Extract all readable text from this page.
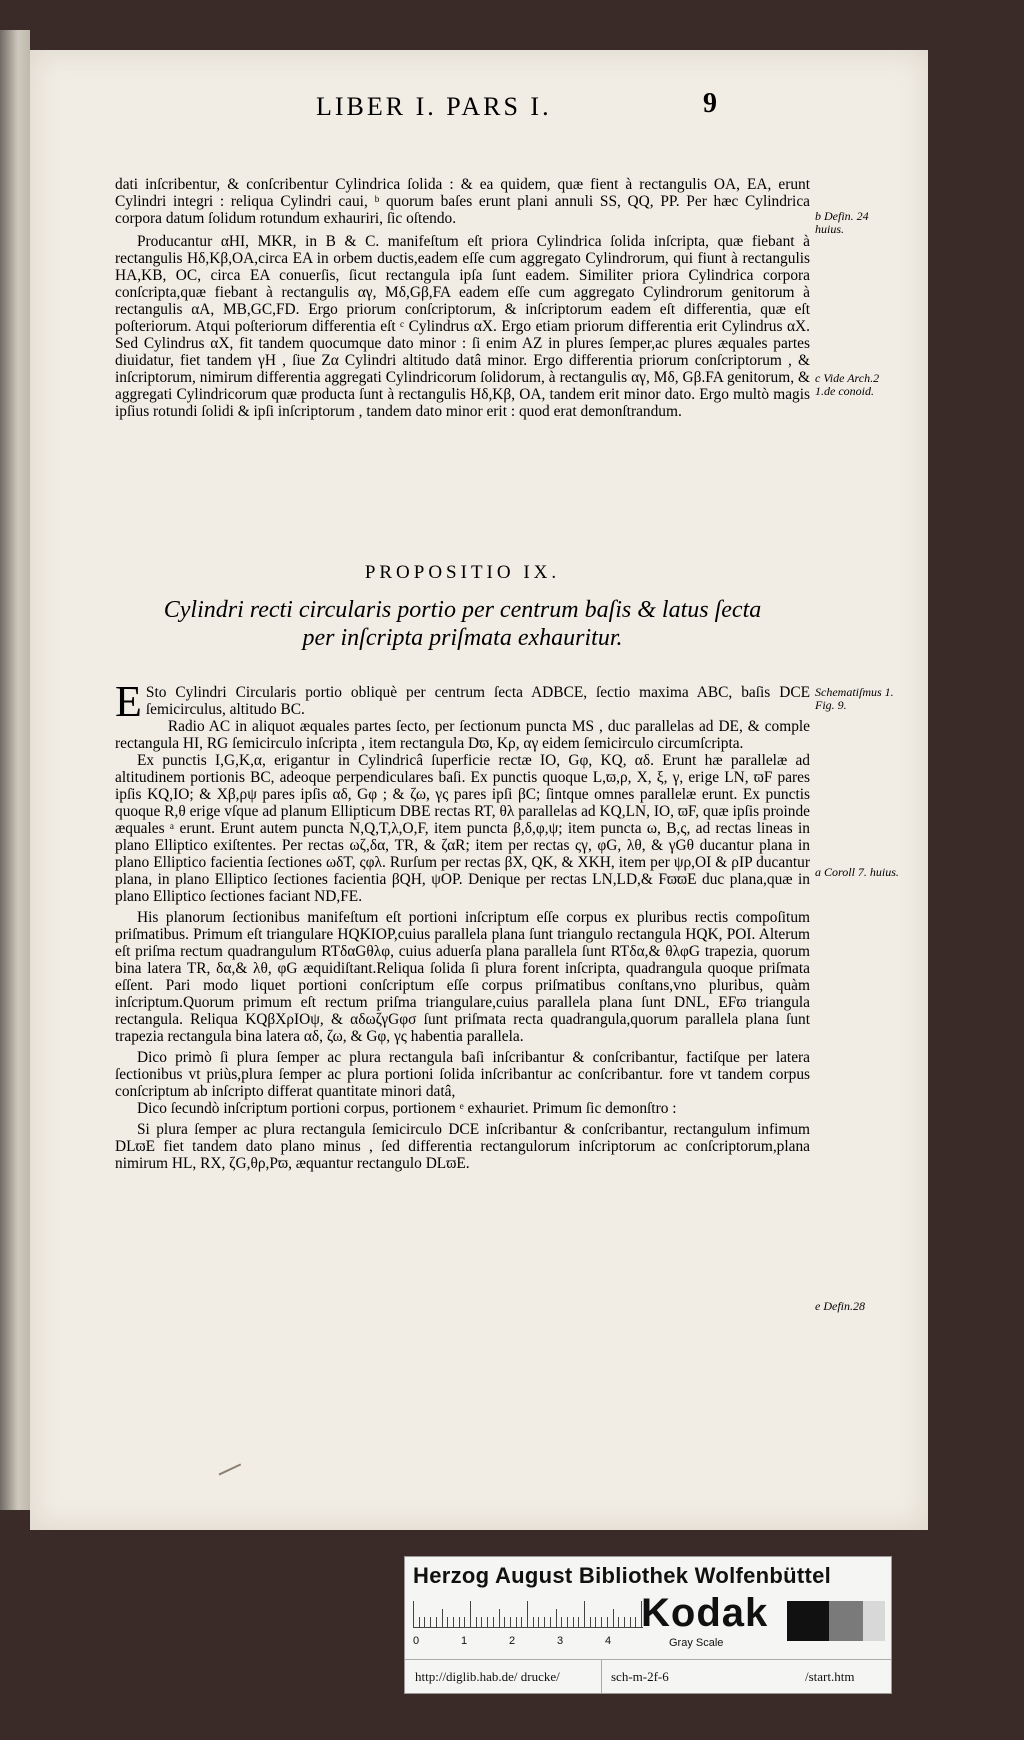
LIBER I. PARS I.	9

dati inſcribentur, & conſcribentur Cylindrica ſolida : & ea quidem, quæ fient à rectangulis OA, EA, erunt Cylindri integri : reliqua Cylindri caui, ᵇ quorum baſes erunt plani annuli SS, QQ, PP. Per hæc Cylindrica corpora datum ſolidum rotundum exhauriri, ſic oſtendo.

Producantur αHI, MKR, in B & C. manifeſtum eſt priora Cylindrica ſolida inſcripta, quæ fiebant à rectangulis Hδ,Kβ,OA,circa EA in orbem ductis,eadem eſſe cum aggregato Cylindrorum, qui fiunt à rectangulis HA,KB, OC, circa EA conuerſis, ſicut rectangula ipſa ſunt eadem. Similiter priora Cylindrica corpora conſcripta,quæ fiebant à rectangulis αγ, Mδ,Gβ,FA eadem eſſe cum aggregato Cylindrorum genitorum à rectangulis αA, MB,GC,FD. Ergo priorum conſcriptorum, & inſcriptorum eadem eſt differentia, quæ eſt poſteriorum. Atqui poſteriorum differentia eſt ᶜ Cylindrus αX. Ergo etiam priorum differentia erit Cylindrus αX. Sed Cylindrus αX, fit tandem quocumque dato minor : ſi enim AZ in plures ſemper,ac plures æquales partes diuidatur, fiet tandem γH , ſiue Zα Cylindri altitudo datâ minor. Ergo differentia priorum conſcriptorum , & inſcriptorum, nimirum differentia aggregati Cylindricorum ſolidorum, à rectangulis αγ, Mδ, Gβ.FA genitorum, & aggregati Cylindricorum quæ producta ſunt à rectangulis Hδ,Kβ, OA, tandem erit minor dato. Ergo multò magis ipſius rotundi ſolidi & ipſi inſcriptorum , tandem dato minor erit : quod erat demonſtrandum.

b Defin. 24 huius.
c Vide Arch.2 1.de conoid.
PROPOSITIO IX.
Cylindri recti circularis portio per centrum baſis & latus ſecta
per inſcripta priſmata exhauritur.

E Sto Cylindri Circularis portio obliquè per centrum ſecta ADBCE, ſectio maxima ABC, baſis DCE ſemicirculus, altitudo BC.

Radio AC in aliquot æquales partes ſecto, per ſectionum puncta MS , duc parallelas ad DE, & comple rectangula HI, RG ſemicirculo inſcripta , item rectangula Dϖ, Kρ, αγ eidem ſemicirculo circumſcripta.

Ex punctis I,G,K,α, erigantur in Cylindricâ ſuperficie rectæ IO, Gφ, KQ, αδ. Erunt hæ parallelæ ad altitudinem portionis BC, adeoque perpendiculares baſi. Ex punctis quoque L,ϖ,ρ, X, ξ, γ, erige LN, ϖF pares ipſis KQ,IO; & Xβ,ρψ pares ipſis αδ, Gφ ; & ζω, γς pares ipſi βC; ſintque omnes parallelæ erunt. Ex punctis quoque R,θ erige vſque ad planum Ellipticum DBE rectas RT, θλ parallelas ad KQ,LN, IO, ϖF, quæ ipſis proinde æquales ᵃ erunt. Erunt autem puncta N,Q,T,λ,O,F, item puncta β,δ,φ,ψ; item puncta ω, B,ς, ad rectas lineas in plano Elliptico exiſtentes. Per rectas ωζ,δα, TR, & ζαR; item per rectas ςγ, φG, λθ, & γGθ ducantur plana in plano Elliptico facientia ſectiones ωδT, ςφλ. Rurſum per rectas βX, QK, & XKH, item per ψρ,OI & ρIP ducantur plana, in plano Elliptico ſectiones facientia βQH, ψOP. Denique per rectas LN,LD,& FϖϖE duc plana,quæ in plano Elliptico ſectiones faciant ND,FE.

His planorum ſectionibus manifeſtum eſt portioni inſcriptum eſſe corpus ex pluribus rectis compoſitum priſmatibus. Primum eſt triangulare HQKIOP,cuius parallela plana ſunt triangulo rectangula HQK, POI. Alterum eſt priſma rectum quadrangulum RTδαGθλφ, cuius aduerſa plana parallela ſunt RTδα,& θλφG trapezia, quorum bina latera TR, δα,& λθ, φG æquidiſtant.Reliqua ſolida ſi plura forent inſcripta, quadrangula quoque priſmata eſſent. Pari modo liquet portioni conſcriptum eſſe corpus priſmatibus conſtans,vno pluribus, quàm inſcriptum.Quorum primum eſt rectum priſma triangulare,cuius parallela plana ſunt DNL, EFϖ triangula rectangula. Reliqua KQβXρIOψ, & αδωζγGφσ ſunt priſmata recta quadrangula,quorum parallela plana ſunt trapezia rectangula bina latera αδ, ζω, & Gφ, γς habentia parallela.

Dico primò ſi plura ſemper ac plura rectangula baſi inſcribantur & conſcribantur, factiſque per latera ſectionibus vt priùs,plura ſemper ac plura portioni ſolida inſcribantur ac conſcribantur. fore vt tandem corpus conſcriptum ab inſcripto differat quantitate minori datâ,

Dico ſecundò inſcriptum portioni corpus, portionem ᵉ exhauriet. Primum ſic demonſtro :

Si plura ſemper ac plura rectangula ſemicirculo DCE inſcribantur & conſcribantur, rectangulum infimum DLϖE fiet tandem dato plano minus , ſed differentia rectangulorum inſcriptorum ac conſcriptorum,plana nimirum HL, RX, ζG,θρ,Pϖ, æquantur rectangulo DLϖE.

Schematiſmus 1. Fig. 9.
a Coroll 7. huius.
e Defin.28
Herzog August Bibliothek Wolfenbüttel
0	1	2	3	4
Kodak
Gray Scale
http://diglib.hab.de/ drucke/	sch-m-2f-6	/start.htm
